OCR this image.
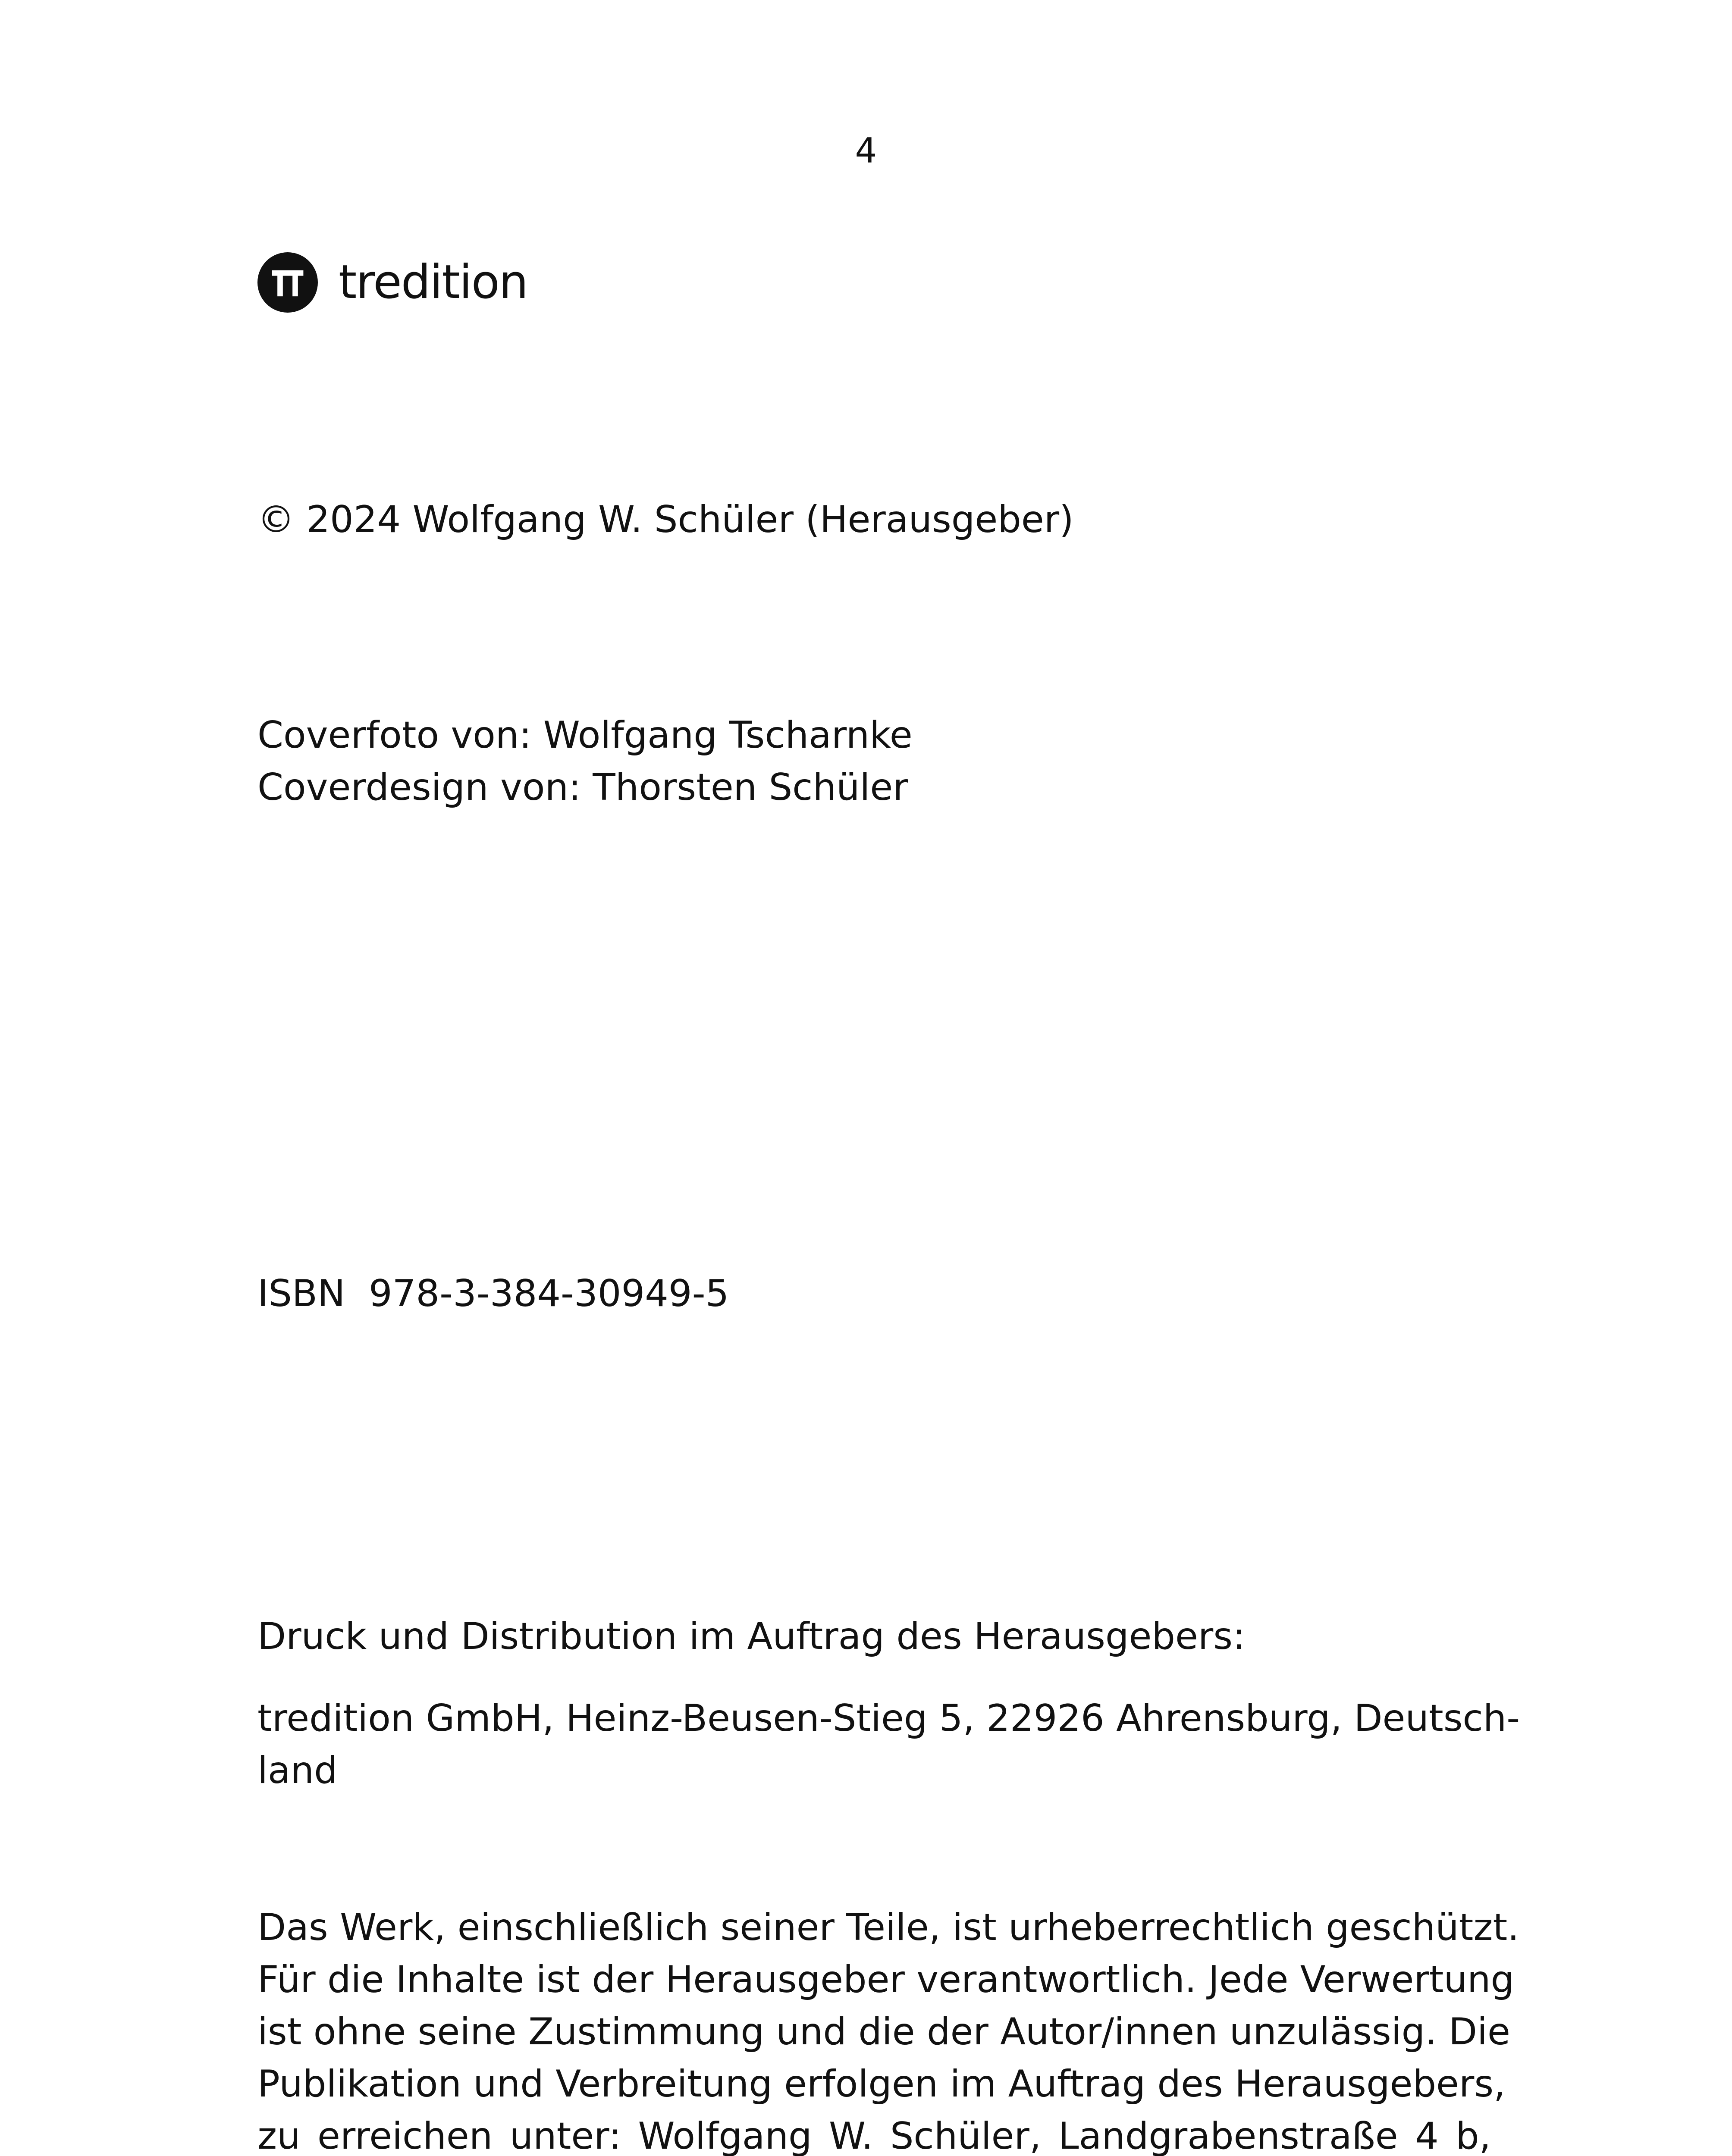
4
tredition
© 2024 Wolfgang W. Schüler (Herausgeber)

Coverfoto von: Wolfgang Tscharnke

Coverdesign von: Thorsten Schüler

ISBN  978-3-384-30949-5
Druck und Distribution im Auftrag des Herausgebers:

tredition GmbH, Heinz-Beusen-Stieg 5, 22926 Ahrensburg, Deutsch-

land

Das Werk, einschließlich seiner Teile, ist urheberrechtlich geschützt.
Für die Inhalte ist der Herausgeber verantwortlich. Jede Verwertung
ist ohne seine Zustimmung und die der Autor/innen unzulässig. Die
Publikation und Verbreitung erfolgen im Auftrag des Herausgebers,
zu erreichen unter: Wolfgang W. Schüler, Landgrabenstraße 4 b,
